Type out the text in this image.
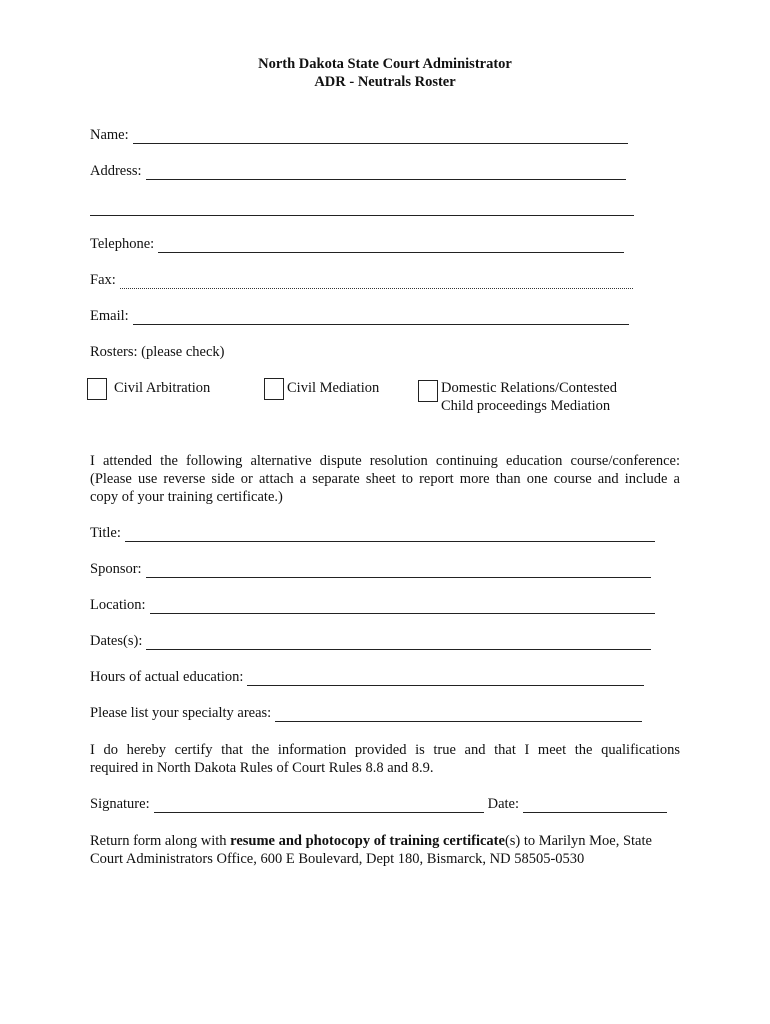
North Dakota State Court Administrator

ADR - Neutrals Roster

Name:
Address:
Telephone:
Fax:
Email:
Rosters: (please check)
Civil Arbitration	Civil Mediation	Domestic Relations/Contested
Child proceedings Mediation
I attended the following alternative dispute resolution continuing education course/conference:
(Please use reverse side or attach a separate sheet to report more than one course and include a
copy of your training certificate.)
Title:
Sponsor:
Location:
Dates(s):
Hours of actual education:
Please list your specialty areas:
I do hereby certify that the information provided is true and that I meet the qualifications
required in North Dakota Rules of Court Rules 8.8 and 8.9.
Signature:	Date:
Return form along with resume and photocopy of training certificate(s) to Marilyn Moe, State
Court Administrators Office, 600 E Boulevard, Dept 180, Bismarck, ND 58505-0530
